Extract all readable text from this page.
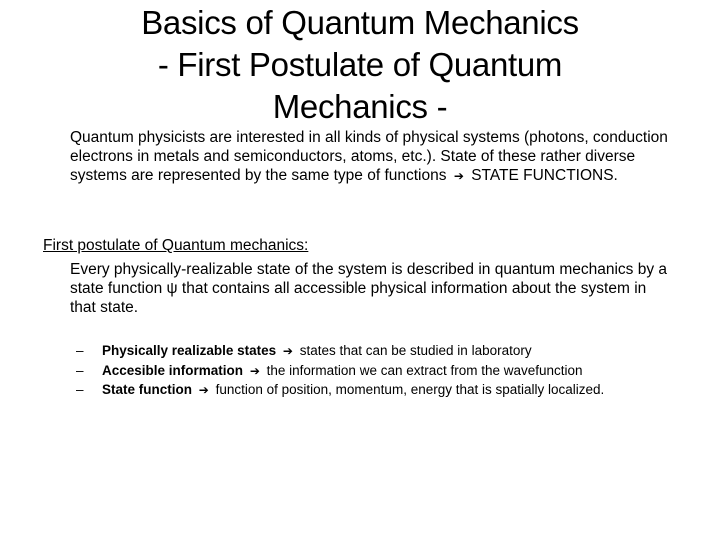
Basics of Quantum Mechanics
- First Postulate of Quantum
Mechanics -

Quantum physicists are interested in all kinds of physical systems (photons, conduction electrons in metals and semiconductors, atoms, etc.). State of these rather diverse systems are represented by the same type of functions ➔ STATE FUNCTIONS.

First postulate of Quantum mechanics:

Every physically-realizable state of the system is described in quantum mechanics by a state function ψ that contains all accessible physical information about the system in that state.

– Physically realizable states ➔ states that can be studied in laboratory
– Accesible information ➔ the information we can extract from the wavefunction
– State function ➔ function of position, momentum, energy that is spatially localized.
